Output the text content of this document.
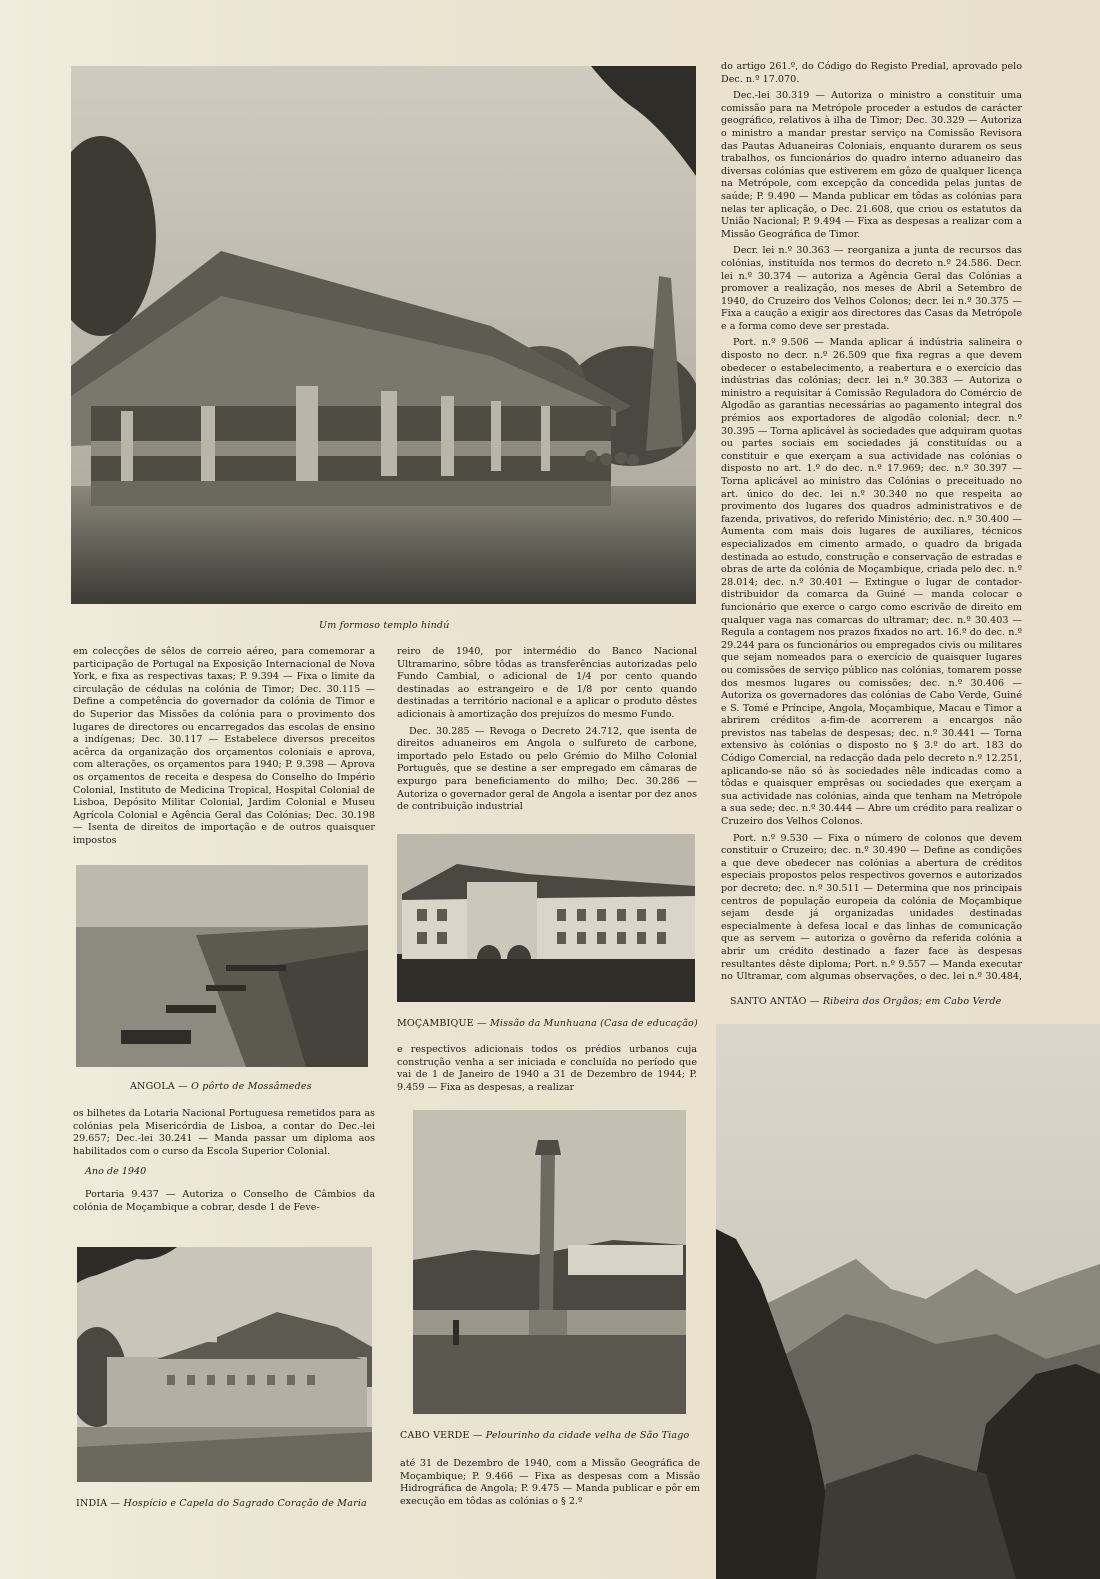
Um formoso templo hindú

em colecções de sêlos de correio aéreo, para comemorar a participação de Portugal na Exposição Internacional de Nova York, e fixa as respectivas taxas; P. 9.394 — Fixa o limite da circulação de cédulas na colónia de Timor; Dec. 30.115 — Define a competência do governador da colónia de Timor e do Superior das Missões da colónia para o provimento dos lugares de directores ou encarregados das escolas de ensino a indígenas; Dec. 30.117 — Estabelece diversos preceitos acêrca da organização dos orçamentos coloniais e aprova, com alterações, os orçamentos para 1940; P. 9.398 — Aprova os orçamentos de receita e despesa do Conselho do Império Colonial, Instituto de Medicina Tropical, Hospital Colonial de Lisboa, Depósito Militar Colonial, Jardim Colonial e Museu Agrícola Colonial e Agência Geral das Colónias; Dec. 30.198 — Isenta de direitos de importação e de outros quaisquer impostos

reiro de 1940, por intermédio do Banco Nacional Ultramarino, sôbre tôdas as transferências autorizadas pelo Fundo Cambial, o adicional de 1/4 por cento quando destinadas ao estrangeiro e de 1/8 por cento quando destinadas a território nacional e a aplicar o produto dêstes adicionais à amortização dos prejuízos do mesmo Fundo.

Dec. 30.285 — Revoga o Decreto 24.712, que isenta de direitos aduaneiros em Angola o sulfureto de carbone, importado pelo Estado ou pelo Grémio do Milho Colonial Português, que se destine a ser empregado em câmaras de expurgo para beneficiamento do milho; Dec. 30.286 — Autoriza o governador geral de Angola a isentar por dez anos de contribuição industrial

ANGOLA — O pôrto de Mossâmedes
MOÇAMBIQUE — Missão da Munhuana (Casa de educação)

e respectivos adicionais todos os prédios urbanos cuja construção venha a ser iniciada e concluída no período que vai de 1 de Janeiro de 1940 a 31 de Dezembro de 1944; P. 9.459 — Fixa as despesas, a realizar

os bilhetes da Lotaria Nacional Portuguesa remetidos para as colónias pela Misericórdia de Lisboa, a contar do Dec.-lei 29.657; Dec.-lei 30.241 — Manda passar um diploma aos habilitados com o curso da Escola Superior Colonial.

Ano de 1940

Portaria 9.437 — Autoriza o Conselho de Câmbios da colónia de Moçambique a cobrar, desde 1 de Feve-

CABO VERDE — Pelourinho da cidade velha de São Tiago

até 31 de Dezembro de 1940, com a Missão Geográfica de Moçambique; P. 9.466 — Fixa as despesas com a Missão Hidrográfica de Angola; P. 9.475 — Manda publicar e pôr em execução em tôdas as colónias o § 2.º

INDIA — Hospício e Capela do Sagrado Coração de Maria

do artigo 261.º, do Código do Registo Predial, aprovado pelo Dec. n.º 17.070.

Dec.-lei 30.319 — Autoriza o ministro a constituir uma comissão para na Metrópole proceder a estudos de carácter geográfico, relativos à ilha de Timor; Dec. 30.329 — Autoriza o ministro a mandar prestar serviço na Comissão Revisora das Pautas Aduaneiras Coloniais, enquanto durarem os seus trabalhos, os funcionários do quadro interno aduaneiro das diversas colónias que estiverem em gôzo de qualquer licença na Metrópole, com excepção da concedida pelas juntas de saúde; P. 9.490 — Manda publicar em tôdas as colónias para nelas ter aplicação, o Dec. 21.608, que criou os estatutos da União Nacional; P. 9.494 — Fixa as despesas a realizar com a Missão Geográfica de Timor.

Decr. lei n.º 30.363 — reorganiza a junta de recursos das colónias, instituída nos termos do decreto n.º 24.586. Decr. lei n.º 30.374 — autoriza a Agência Geral das Colónias a promover a realização, nos meses de Abril a Setembro de 1940, do Cruzeiro dos Velhos Colonos; decr. lei n.º 30.375 — Fixa a caução a exigir aos directores das Casas da Metrópole e a forma como deve ser prestada.

Port. n.º 9.506 — Manda aplicar á indústria salineira o disposto no decr. n.º 26.509 que fixa regras a que devem obedecer o estabelecimento, a reabertura e o exercício das indústrias das colónias; decr. lei n.º 30.383 — Autoriza o ministro a requisitar á Comissão Reguladora do Comércio de Algodão as garantias necessárias ao pagamento integral dos prémios aos exportadores de algodão colonial; decr. n.º 30.395 — Torna aplicável às sociedades que adquiram quotas ou partes sociais em sociedades já constituídas ou a constituir e que exerçam a sua actividade nas colónias o disposto no art. 1.º do dec. n.º 17.969; dec. n.º 30.397 — Torna aplicável ao ministro das Colónias o preceituado no art. único do dec. lei n.º 30.340 no que respeita ao provimento dos lugares dos quadros administrativos e de fazenda, privativos, do referido Ministério; dec. n.º 30.400 — Aumenta com mais dois lugares de auxiliares, técnicos especializados em cimento armado, o quadro da brigada destinada ao estudo, construção e conservação de estradas e obras de arte da colónia de Moçambique, criada pelo dec. n.º 28.014; dec. n.º 30.401 — Extingue o lugar de contador-distribuidor da comarca da Guiné — manda colocar o funcionário que exerce o cargo como escrivão de direito em qualquer vaga nas comarcas do ultramar; dec. n.º 30.403 — Regula a contagem nos prazos fixados no art. 16.º do dec. n.º 29.244 para os funcionários ou empregados civis ou militares que sejam nomeados para o exercício de quaisquer lugares ou comissões de serviço público nas colónias, tomarem posse dos mesmos lugares ou comissões; dec. n.º 30.406 — Autoriza os governadores das colónias de Cabo Verde, Guiné e S. Tomé e Príncipe, Angola, Moçambique, Macau e Timor a abrirem créditos a-fim-de acorrerem a encargos não previstos nas tabelas de despesas; dec. n.º 30.441 — Torna extensivo às colónias o disposto no § 3.º do art. 183 do Código Comercial, na redacção dada pelo decreto n.º 12.251, aplicando-se não só às sociedades nêle indicadas como a tôdas e quaisquer emprêsas ou sociedades que exerçam a sua actividade nas colónias, ainda que tenham na Metrópole a sua sede; dec. n.º 30.444 — Abre um crédito para realizar o Cruzeiro dos Velhos Colonos.

Port. n.º 9.530 — Fixa o número de colonos que devem constituir o Cruzeiro; dec. n.º 30.490 — Define as condições a que deve obedecer nas colónias a abertura de créditos especiais propostos pelos respectivos governos e autorizados por decreto; dec. n.º 30.511 — Determina que nos principais centros de população europeia da colónia de Moçambique sejam desde já organizadas unidades destinadas especialmente à defesa local e das linhas de comunicação que as servem — autoriza o govêrno da referida colónia a abrir um crédito destinado a fazer face às despesas resultantes dêste diploma; Port. n.º 9.557 — Manda executar no Ultramar, com algumas observações, o dec. lei n.º 30.484,

SANTO ANTÃO — Ribeira dos Orgãos; em Cabo Verde
